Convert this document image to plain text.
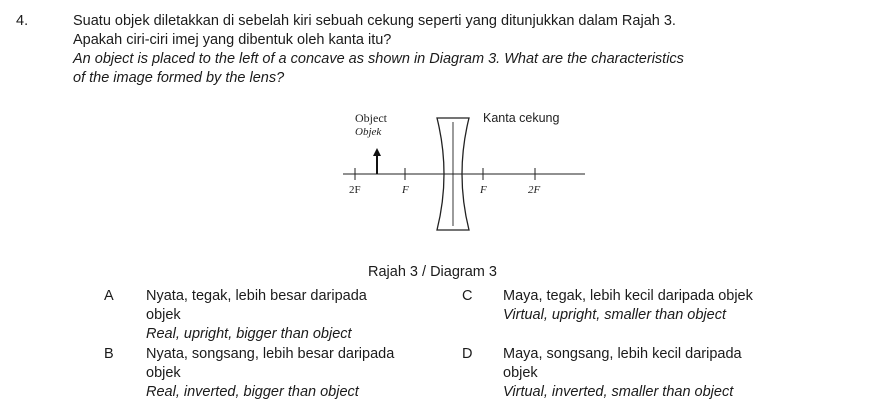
4.	Suatu objek diletakkan di sebelah kiri sebuah cekung seperti yang ditunjukkan dalam Rajah 3.
Apakah ciri-ciri imej yang dibentuk oleh kanta itu?
An object is placed to the left of a concave as shown in Diagram 3. What are the characteristics
of the image formed by the lens?
Object
Objek
Kanta cekung
2F	F	F	2F
Rajah 3 / Diagram 3
A Nyata, tegak, lebih besar daripada
objek
Real, upright, bigger than object
B Nyata, songsang, lebih besar daripada
objek
Real, inverted, bigger than object
C Maya, tegak, lebih kecil daripada objek
Virtual, upright, smaller than object
D Maya, songsang, lebih kecil daripada
objek
Virtual, inverted, smaller than object
